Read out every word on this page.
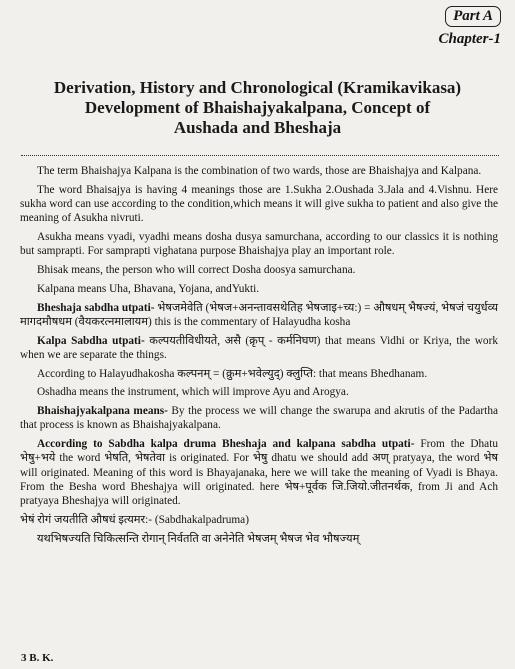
Part A
Chapter-1
Derivation, History and Chronological (Kramikavikasa)
Development of Bhaishajyakalpana, Concept of
Aushada and Bheshaja

The term Bhaishajya Kalpana is the combination of two wards, those are Bhaishajya and Kalpana.

The word Bhaisajya is having 4 meanings those are 1.Sukha 2.Oushada 3.Jala and 4.Vishnu. Here sukha word can use according to the condition,which means it will give sukha to patient and also give the meaning of Asukha nivruti.

Asukha means vyadi, vyadhi means dosha dusya samurchana, according to our classics it is nothing but samprapti. For samprapti vighatana purpose Bhaishajya play an important role.

Bhisak means, the person who will correct Dosha doosya samurchana.

Kalpana means Uha, Bhavana, Yojana, andYukti.

Bheshaja sabdha utpati- भेषजमेवेति (भेषज+अनन्तावसथेतिह भेषजाइ+च्य:) = औषधम् भैषज्यं, भेषजं चयुर्धव्य मागदमौषधम (वैयकरत्नमालायम) this is the commentary of Halayudha kosha

Kalpa Sabdha utpati- कल्पयतीविधीयते, असै (क्रृप् - कर्मनिघण) that means Vidhi or Kriya, the work when we are separate the things.

According to Halayudhakosha कल्पनम् = (क्रुम+भवेल्युद्) क्लुप्ति: that means Bhedhanam.

Oshadha means the instrument, which will improve Ayu and Arogya.

Bhaishajyakalpana means- By the process we will change the swarupa and akrutis of the Padartha that process is known as Bhaishajyakalpana.

According to Sabdha kalpa druma Bheshaja and kalpana sabdha utpati- From the Dhatu भेषु+भये the word भेषति, भेषतेवा is originated. For भेषु dhatu we should add अण् pratyaya, the word भेष will originated. Meaning of this word is Bhayajanaka, here we will take the meaning of Vyadi is Bhaya. From the Besha word Bheshajya will originated. here भेष+पूर्वक जि.जियो.जीतनर्थक, from Ji and Ach pratyaya Bheshajya will originated.

भेषं रोगं जयतीति औषधं इत्यमर:- (Sabdhakalpadruma)

यथभिषज्यति चिकित्सन्ति रोगान् निर्वतति वा अनेनेति भेषजम् भैषज भेव भौषज्यम्

3 B. K.
